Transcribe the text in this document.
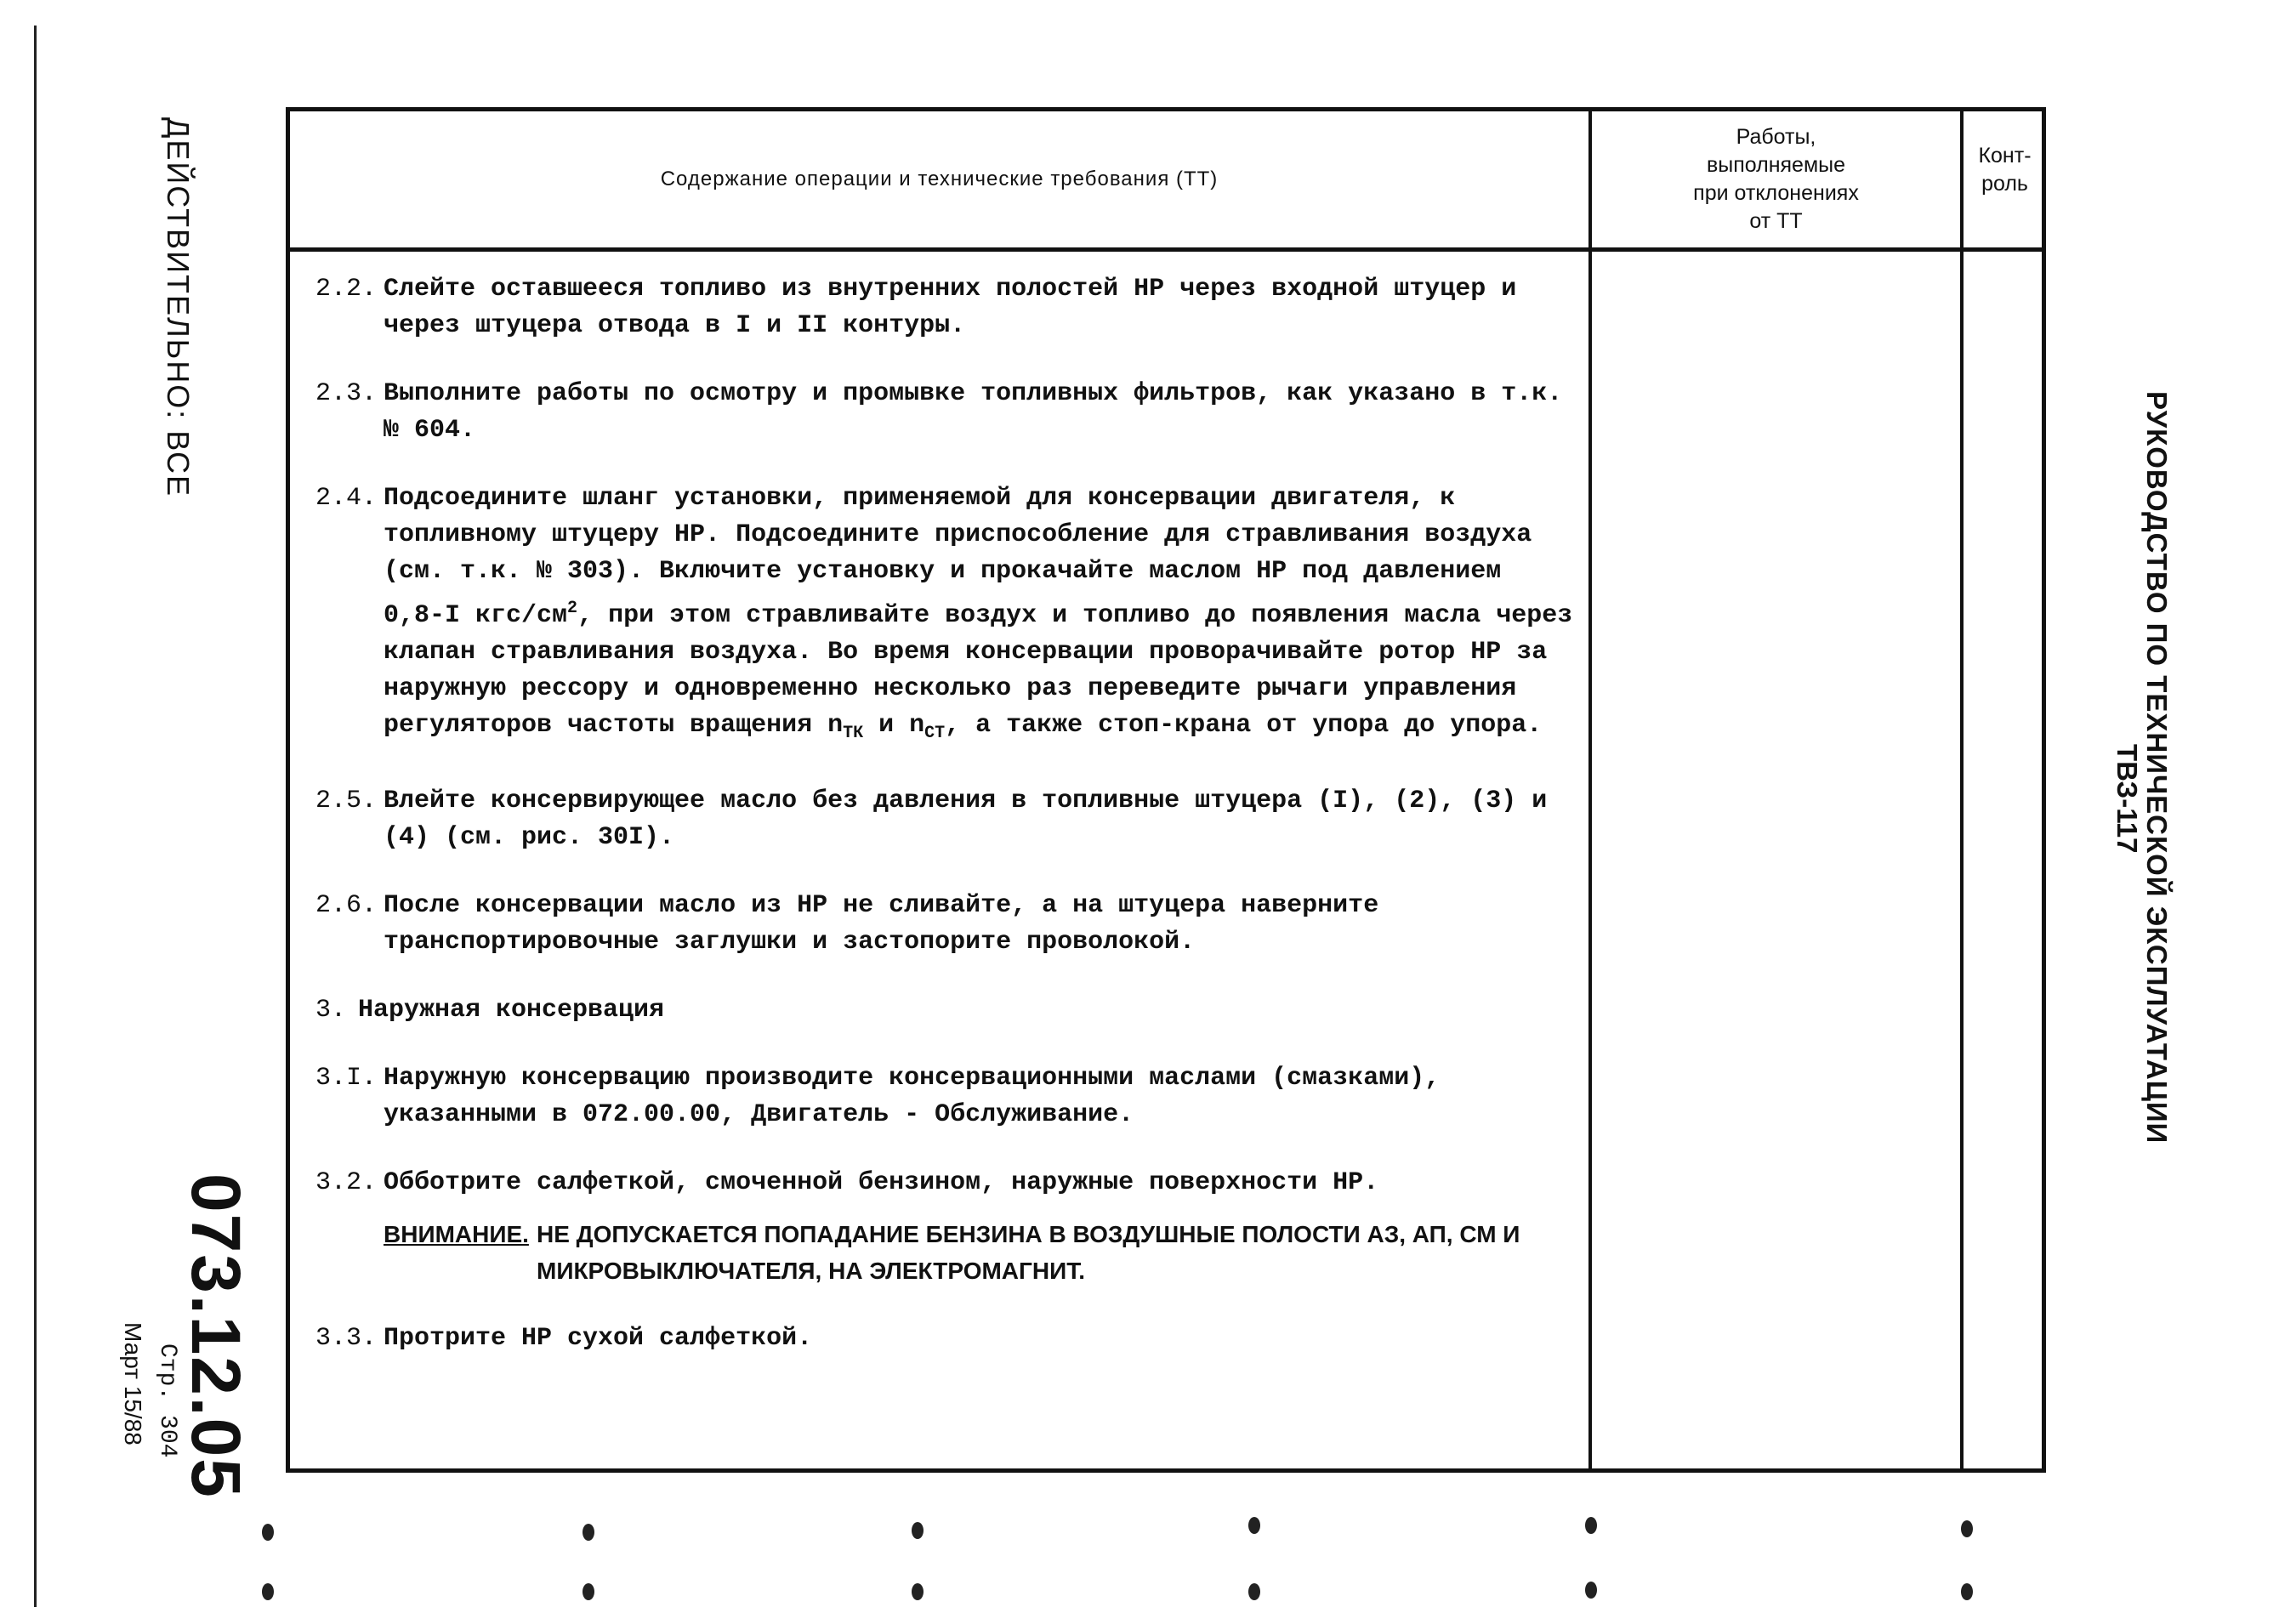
ДЕЙСТВИТЕЛЬНО: ВСЕ
073.12.05
Стр. 304
Март 15/88
РУКОВОДСТВО ПО ТЕХНИЧЕСКОЙ ЭКСПЛУАТАЦИИ
ТВЗ-117
Содержание операции и технические требования (ТТ)
Работы,
выполняемые
при отклонениях
от ТТ
Конт-
роль
2.2. Слейте оставшееся топливо из внутренних полостей НР через входной штуцер и через штуцера отвода в I и II контуры.
2.3. Выполните работы по осмотру и промывке топливных фильтров, как указано в т.к. № 604.
2.4. Подсоедините шланг установки, применяемой для консервации двигателя, к топливному штуцеру НР. Подсоедините приспособление для стравливания воздуха (см. т.к. № 303). Включите установку и прокачайте маслом НР под давлением 0,8-I кгс/$см^2$, при этом стравливайте воздух и топливо до появления масла через клапан стравливания воздуха. Во время консервации проворачивайте ротор НР за наружную рессору и одновременно несколько раз переведите рычаги управления регуляторов частоты вращения $n_{ТК}$ и $n_{СТ}$, а также стоп-крана от упора до упора.
2.5. Влейте консервирующее масло без давления в топливные штуцера (I), (2), (3) и (4) (см. рис. 30I).
2.6. После консервации масло из НР не сливайте, а на штуцера наверните транспортировочные заглушки и застопорите проволокой.
3. Наружная консервация
3.I. Наружную консервацию производите консервационными маслами (смазками), указанными в 072.00.00, Двигатель - Обслуживание.
3.2. Обботрите салфеткой, смоченной бензином, наружные поверхности НР.
ВНИМАНИЕ. НЕ ДОПУСКАЕТСЯ ПОПАДАНИЕ БЕНЗИНА В ВОЗДУШНЫЕ ПОЛОСТИ АЗ, АП, СМ И МИКРОВЫКЛЮЧАТЕЛЯ, НА ЭЛЕКТРОМАГНИТ.
3.3. Протрите НР сухой салфеткой.
